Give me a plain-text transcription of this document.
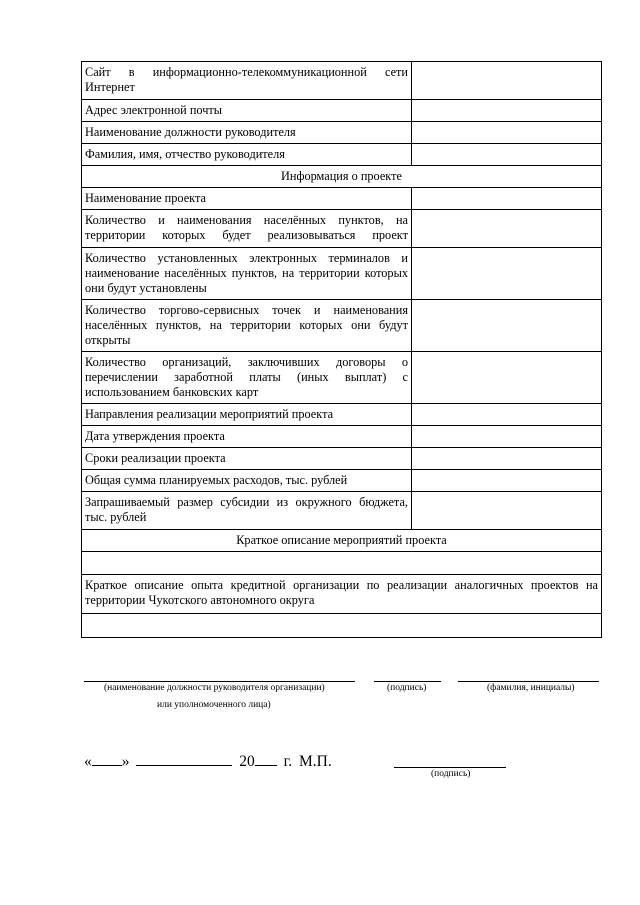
Сайт в информационно-телекоммуникационной сети Интернет	
Адрес электронной почты	
Наименование должности руководителя	
Фамилия, имя, отчество руководителя	
Информация о проекте	
Наименование проекта	
Количество и наименования населённых пунктов, на территории которых будет реализовываться проект	
Количество установленных электронных терминалов и наименование населённых пунктов, на территории которых они будут установлены	
Количество торгово-сервисных точек и наименования населённых пунктов, на территории которых они будут открыты	
Количество организаций, заключивших договоры о перечислении заработной платы (иных выплат) с использованием банковских карт	
Направления реализации мероприятий проекта	
Дата утверждения проекта	
Сроки реализации проекта	
Общая сумма планируемых расходов, тыс. рублей	
Запрашиваемый размер субсидии из окружного бюджета, тыс. рублей	
Краткое описание мероприятий проекта	

Краткое описание опыта кредитной организации по реализации аналогичных проектов на территории Чукотского автономного округа	

(наименование должности руководителя организации)	(подпись)	(фамилия, инициалы)
или уполномоченного лица)
« »	20 г. М.П.
(подпись)
